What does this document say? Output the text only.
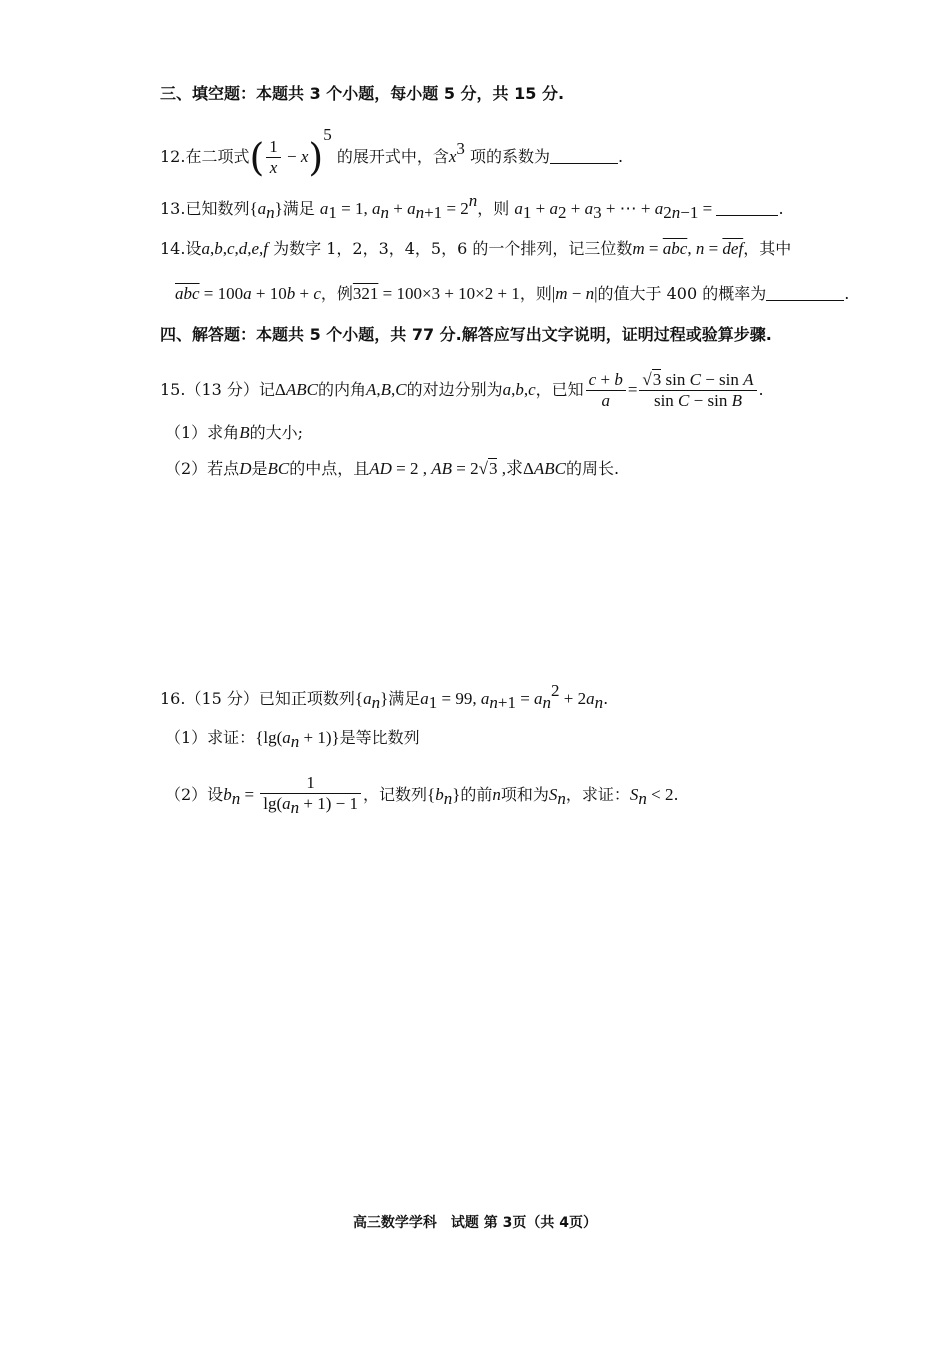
三、填空题：本题共 3 个小题，每小题 5 分，共 15 分.
12.在二项式( $\frac{1}{x} - x)^5$ 的展开式中，含$x^3$ 项的系数为	.
13.已知数列$\{a_n\}$满足 $a_1 = 1$, $a_n + a_{n+1} = 2^n$，则 $a_1 + a_2 + a_3$ + ⋯ + $a_{2n-1}$ =	.
14.设a,b,c,d,e,f 为数字 1，2，3，4，5，6 的一个排列，记三位数$m = \overline{abc}$, $n = \overline{def}$，其中
$\overline{abc} = 100a + 10b + c$，例321 = 100×3 + 10×2 + 1，则|m − n|的值大于 400 的概率为	.
四、解答题：本题共 5 个小题，共 77 分.解答应写出文字说明，证明过程或验算步骤.
15.（13 分）记ΔABC的内角A,B,C的对边分别为a,b,c，已知 $\frac{c + b}{a} = \frac{\text{√3 sin C − sin A}}{\text{sin C − sin B}}$ .
（1）求角B的大小;
（2）若点D是BC的中点，且AD = 2 , AB = 2√3 ,求ΔABC的周长.
16.（15 分）已知正项数列$\{a_n\}$满足$a_1 = 99$, $a_{n+1} = a_n^2 + 2a_n$.
（1）求证：$\{\lg(a_n + 1)\}$是等比数列
（2）设$b_n = \frac{1}{\lg(a_n + 1) - 1}$ ，记数列$\{b_n\}$的前n项和为$S_n$，求证：$S_n < 2$.
高三数学学科　试题 第 3页（共 4页）
